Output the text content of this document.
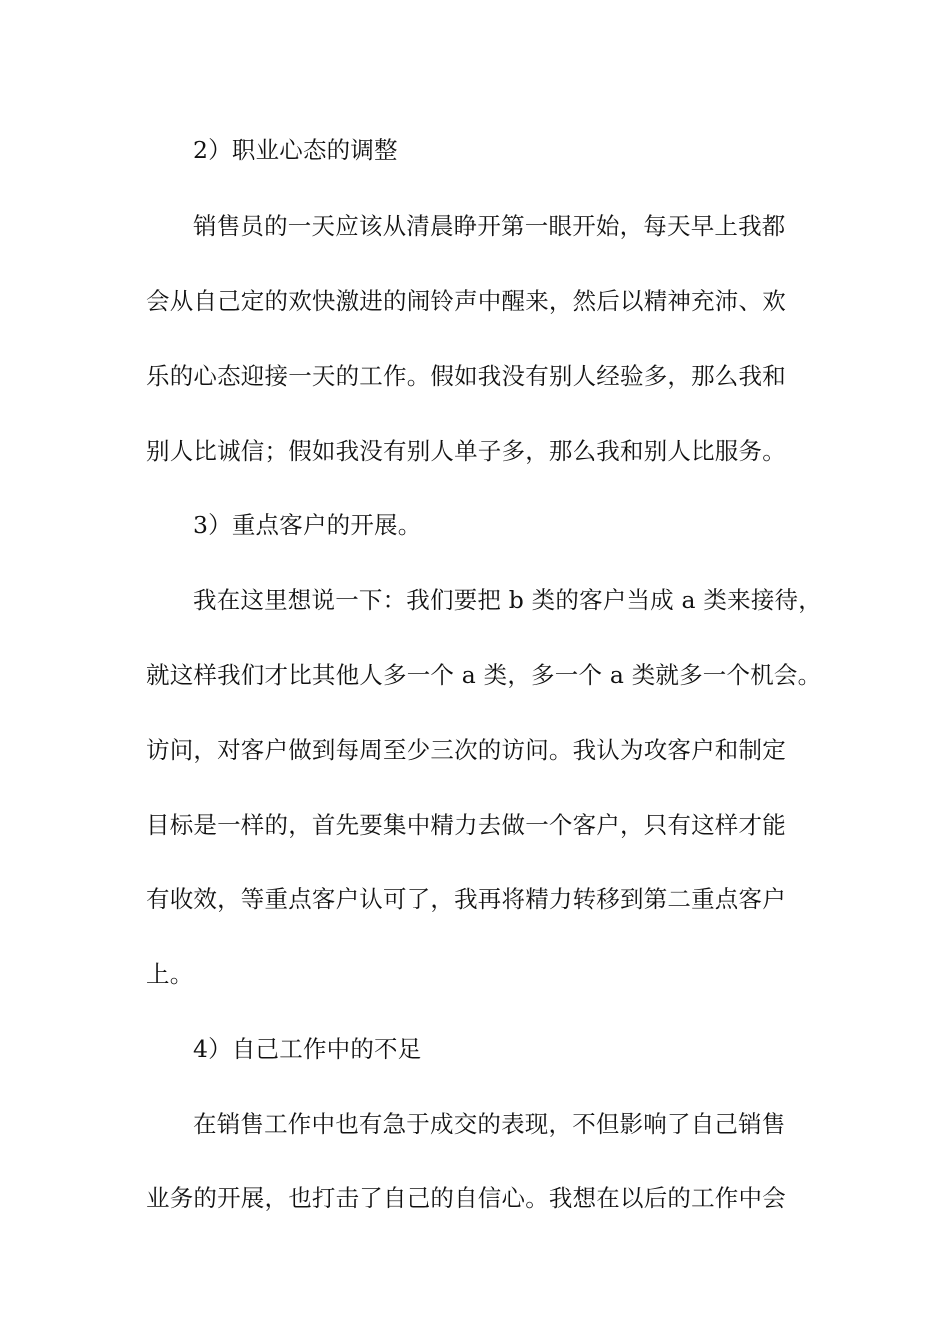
2）职业心态的调整
销售员的一天应该从清晨睁开第一眼开始，每天早上我都
会从自己定的欢快激进的闹铃声中醒来，然后以精神充沛、欢
乐的心态迎接一天的工作。假如我没有别人经验多，那么我和
别人比诚信；假如我没有别人单子多，那么我和别人比服务。
3）重点客户的开展。
我在这里想说一下：我们要把 b 类的客户当成 a 类来接待，
就这样我们才比其他人多一个 a 类，多一个 a 类就多一个机会。
访问，对客户做到每周至少三次的访问。我认为攻客户和制定
目标是一样的，首先要集中精力去做一个客户，只有这样才能
有收效，等重点客户认可了，我再将精力转移到第二重点客户
上。
4）自己工作中的不足
在销售工作中也有急于成交的表现，不但影响了自己销售
业务的开展，也打击了自己的自信心。我想在以后的工作中会
